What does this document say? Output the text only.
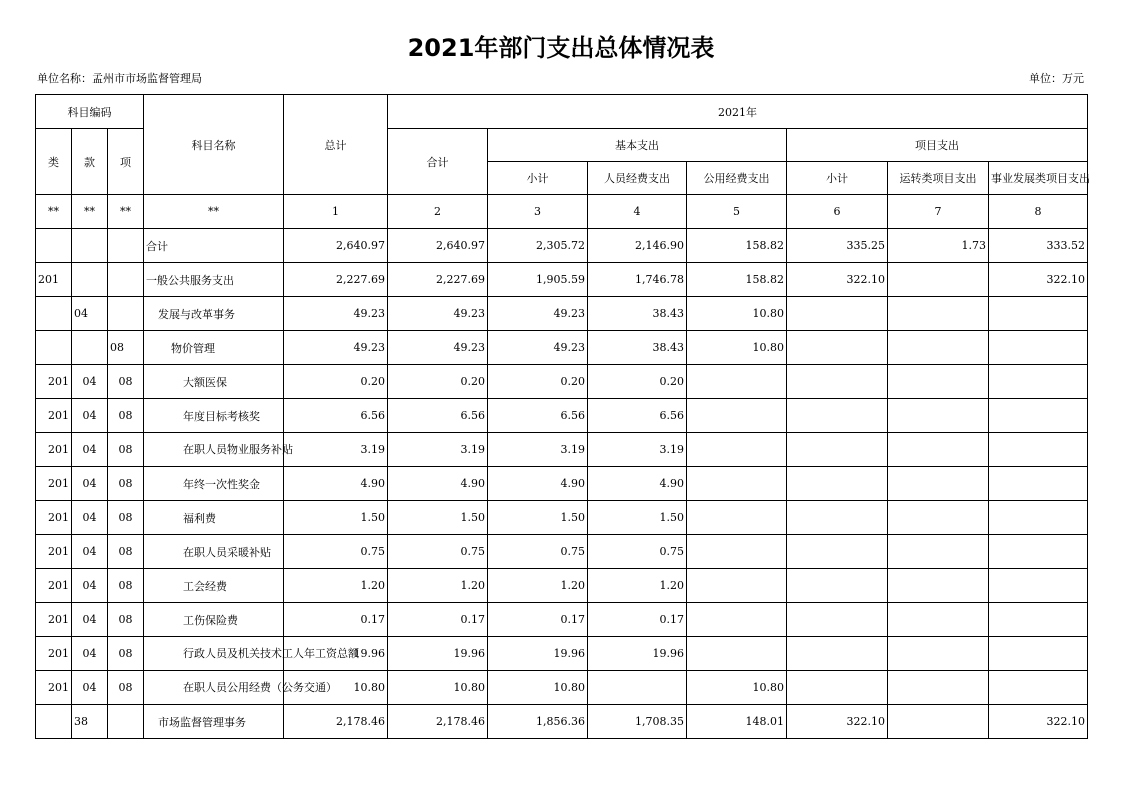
2021年部门支出总体情况表
单位名称：孟州市市场监督管理局	单位：万元
科目编码			科目名称	总计	2021年						
类	款	项			合计	基本支出			项目支出		
						小计	人员经费支出	公用经费支出	小计	运转类项目支出	事业发展类项目支出
**	**	**	**	1	2	3	4	5	6	7	8
			合计	2,640.97	2,640.97	2,305.72	2,146.90	158.82	335.25	1.73	333.52
201			一般公共服务支出	2,227.69	2,227.69	1,905.59	1,746.78	158.82	322.10		322.10
	04		发展与改革事务	49.23	49.23	49.23	38.43	10.80			
		08	物价管理	49.23	49.23	49.23	38.43	10.80			
201	04	08	大额医保	0.20	0.20	0.20	0.20				
201	04	08	年度目标考核奖	6.56	6.56	6.56	6.56				
201	04	08	在职人员物业服务补贴	3.19	3.19	3.19	3.19				
201	04	08	年终一次性奖金	4.90	4.90	4.90	4.90				
201	04	08	福利费	1.50	1.50	1.50	1.50				
201	04	08	在职人员采暖补贴	0.75	0.75	0.75	0.75				
201	04	08	工会经费	1.20	1.20	1.20	1.20				
201	04	08	工伤保险费	0.17	0.17	0.17	0.17				
201	04	08	行政人员及机关技术工人年工资总额	19.96	19.96	19.96	19.96				
201	04	08	在职人员公用经费（公务交通）	10.80	10.80	10.80		10.80			
	38		市场监督管理事务	2,178.46	2,178.46	1,856.36	1,708.35	148.01	322.10		322.10
